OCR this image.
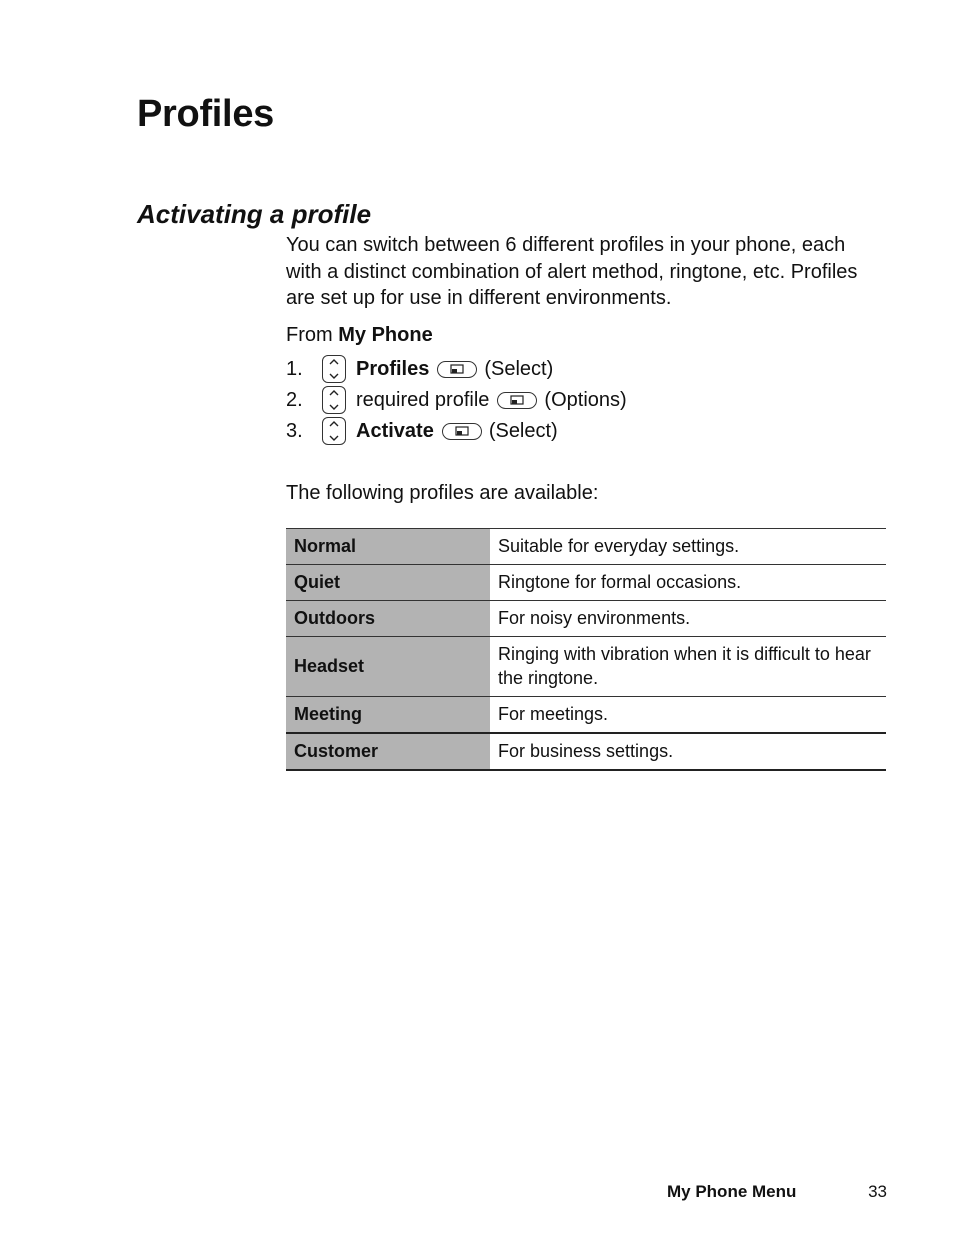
Profiles
Activating a profile

You can switch between 6 different profiles in your phone, each with a distinct combination of alert method, ringtone, etc. Profiles are set up for use in different environments.

From My Phone

1.	Profiles	(Select)
2.	required profile	(Options)
3.	Activate	(Select)

The following profiles are available:

Normal	Suitable for everyday settings.
Quiet	Ringtone for formal occasions.
Outdoors	For noisy environments.
Headset	Ringing with vibration when it is difficult to hear the ringtone.
Meeting	For meetings.
Customer	For business settings.
My Phone Menu	33
